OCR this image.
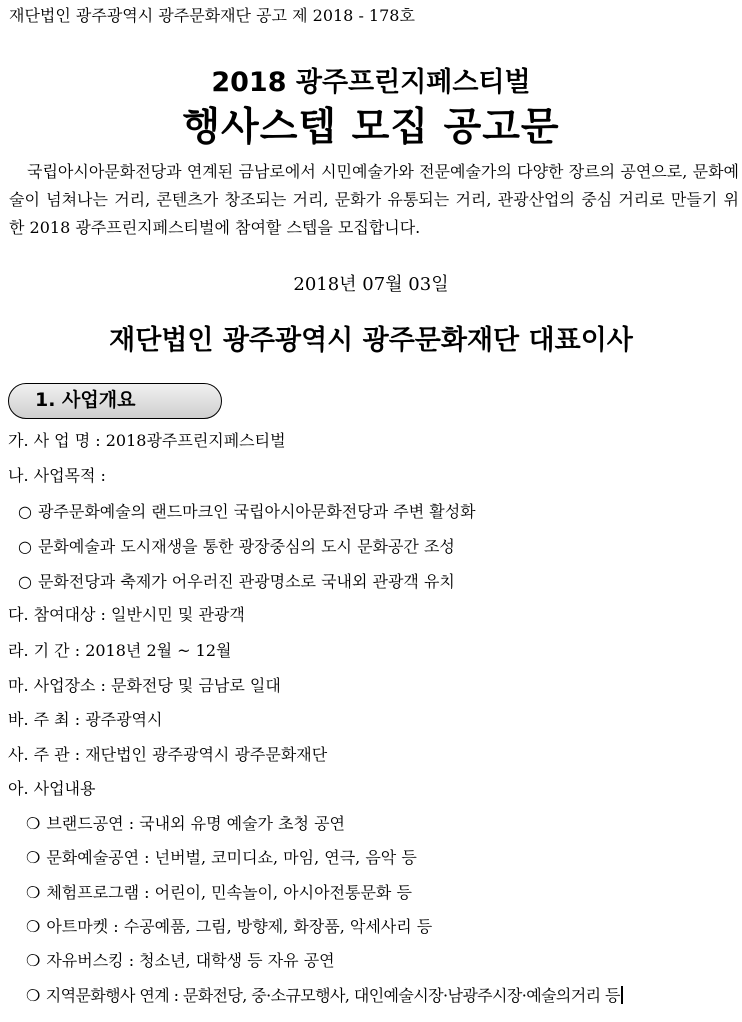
재단법인 광주광역시 광주문화재단 공고 제 2018 - 178호
2018 광주프린지페스티벌
행사스텝 모집 공고문
국립아시아문화전당과 연계된 금남로에서 시민예술가와 전문예술가의 다양한 장르의 공연으로, 문화예술이 넘쳐나는 거리, 콘텐츠가 창조되는 거리, 문화가 유통되는 거리, 관광산업의 중심 거리로 만들기 위한 2018 광주프린지페스티벌에 참여할 스텝을 모집합니다.
2018년 07월 03일
재단법인 광주광역시 광주문화재단 대표이사
1. 사업개요
가. 사 업 명 : 2018광주프린지페스티벌
나. 사업목적 :
○ 광주문화예술의 랜드마크인 국립아시아문화전당과 주변 활성화
○ 문화예술과 도시재생을 통한 광장중심의 도시 문화공간 조성
○ 문화전당과 축제가 어우러진 관광명소로 국내외 관광객 유치
다. 참여대상 : 일반시민 및 관광객
라. 기 간 : 2018년 2월 ~ 12월
마. 사업장소 : 문화전당 및 금남로 일대
바. 주 최 : 광주광역시
사. 주 관 : 재단법인 광주광역시 광주문화재단
아. 사업내용
❍ 브랜드공연 : 국내외 유명 예술가 초청 공연
❍ 문화예술공연 : 넌버벌, 코미디쇼, 마임, 연극, 음악 등
❍ 체험프로그램 : 어린이, 민속놀이, 아시아전통문화 등
❍ 아트마켓 : 수공예품, 그림, 방향제, 화장품, 악세사리 등
❍ 자유버스킹 : 청소년, 대학생 등 자유 공연
❍ 지역문화행사 연계 : 문화전당, 중·소규모행사, 대인예술시장·남광주시장·예술의거리 등
